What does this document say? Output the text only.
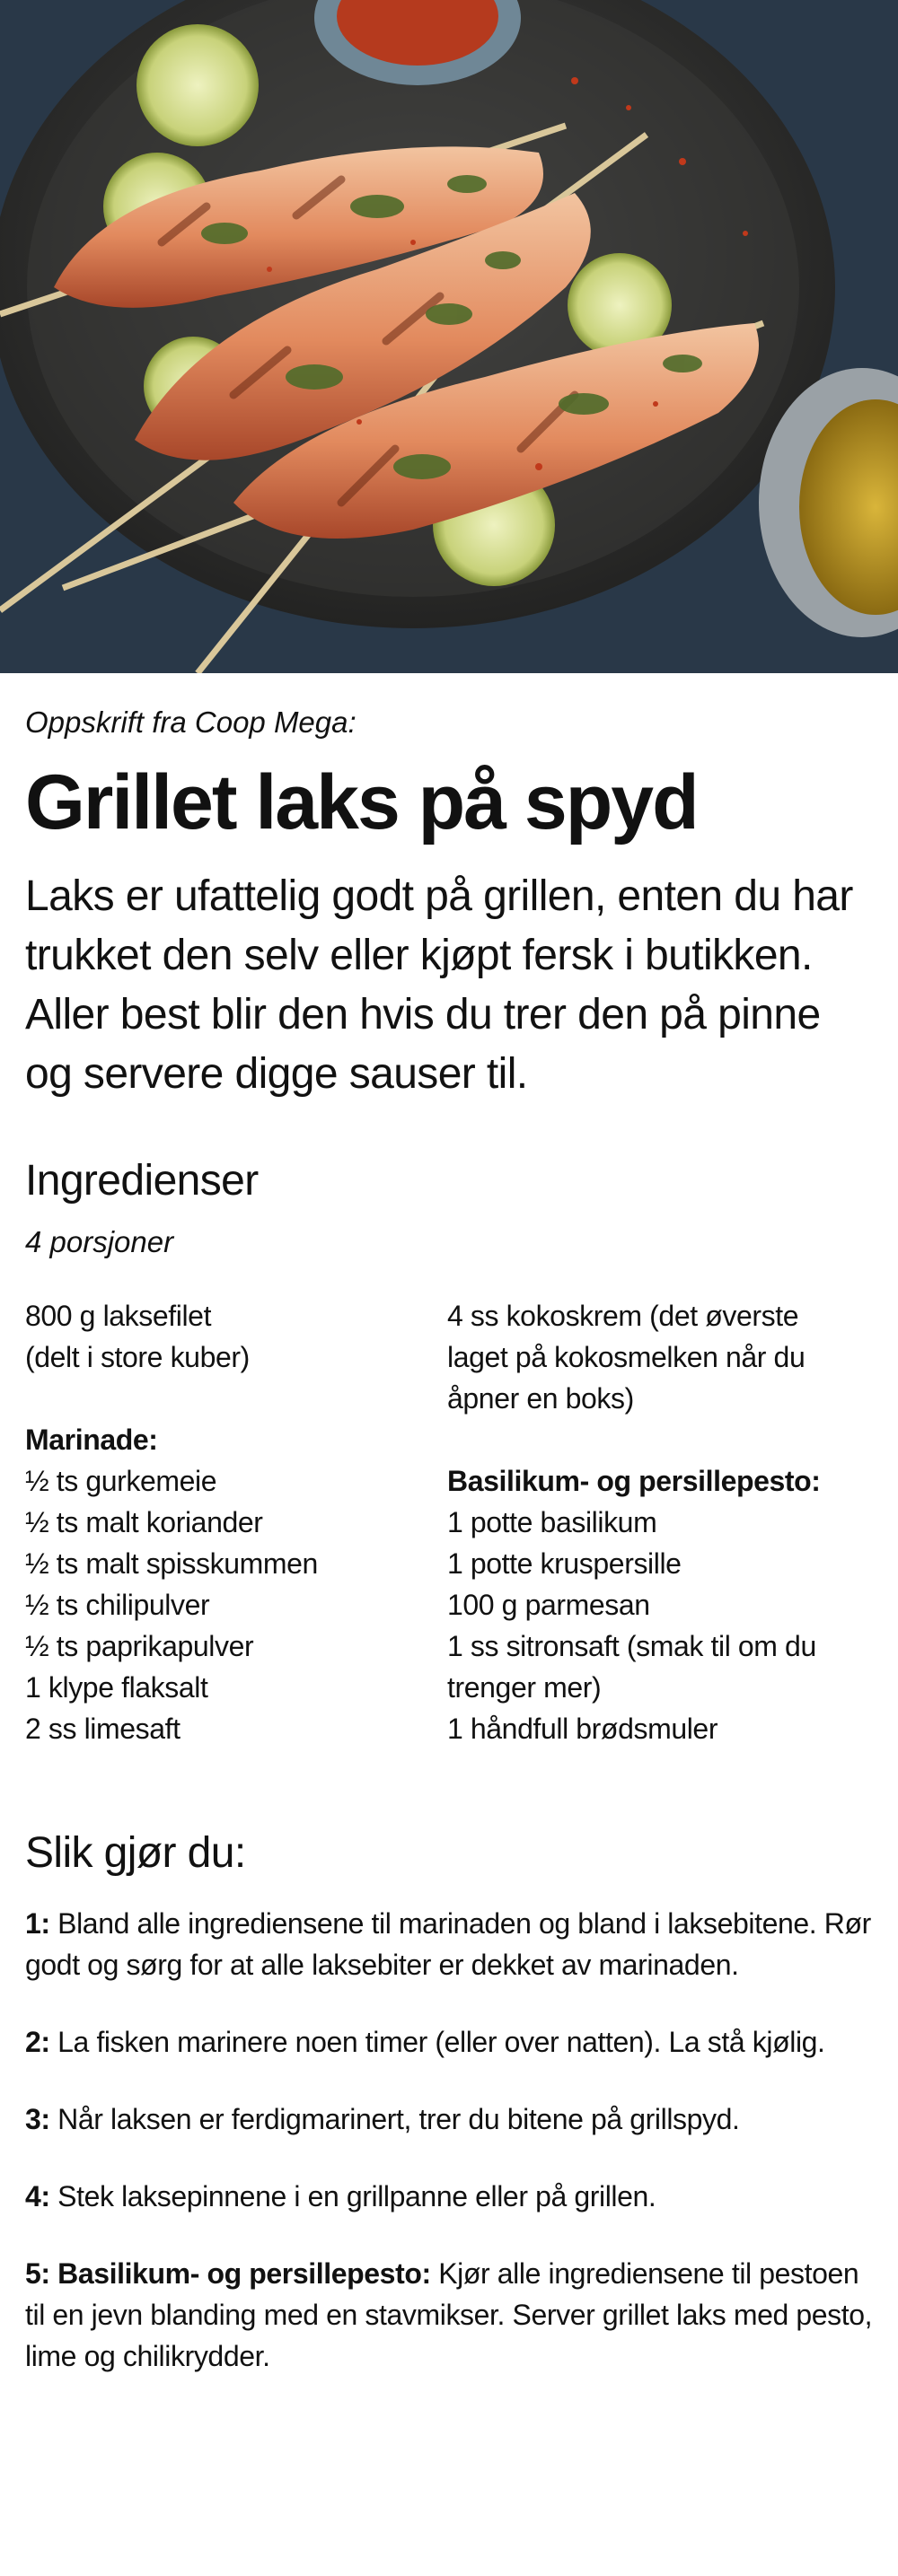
Oppskrift fra Coop Mega:
Grillet laks på spyd
Laks er ufattelig godt på grillen, enten du har trukket den selv eller kjøpt fersk i butikken. Aller best blir den hvis du trer den på pinne og servere digge sauser til.
Ingredienser
4 porsjoner
800 g laksefilet
(delt i store kuber)
Marinade:
½ ts gurkemeie
½ ts malt koriander
½ ts malt spisskummen
½ ts chilipulver
½ ts paprikapulver
1 klype flaksalt
2 ss limesaft
4 ss kokoskrem (det øverste
laget på kokosmelken når du
åpner en boks)
Basilikum- og persillepesto:
1 potte basilikum
1 potte kruspersille
100 g parmesan
1 ss sitronsaft (smak til om du
trenger mer)
1 håndfull brødsmuler
Slik gjør du:
1: Bland alle ingrediensene til marinaden og bland i laksebitene. Rør godt og sørg for at alle laksebiter er dekket av marinaden.
2: La fisken marinere noen timer (eller over natten). La stå kjølig.
3: Når laksen er ferdigmarinert, trer du bitene på grillspyd.
4: Stek laksepinnene i en grillpanne eller på grillen.
5: Basilikum- og persillepesto: Kjør alle ingrediensene til pestoen til en jevn blanding med en stavmikser. Server grillet laks med pesto, lime og chilikrydder.
